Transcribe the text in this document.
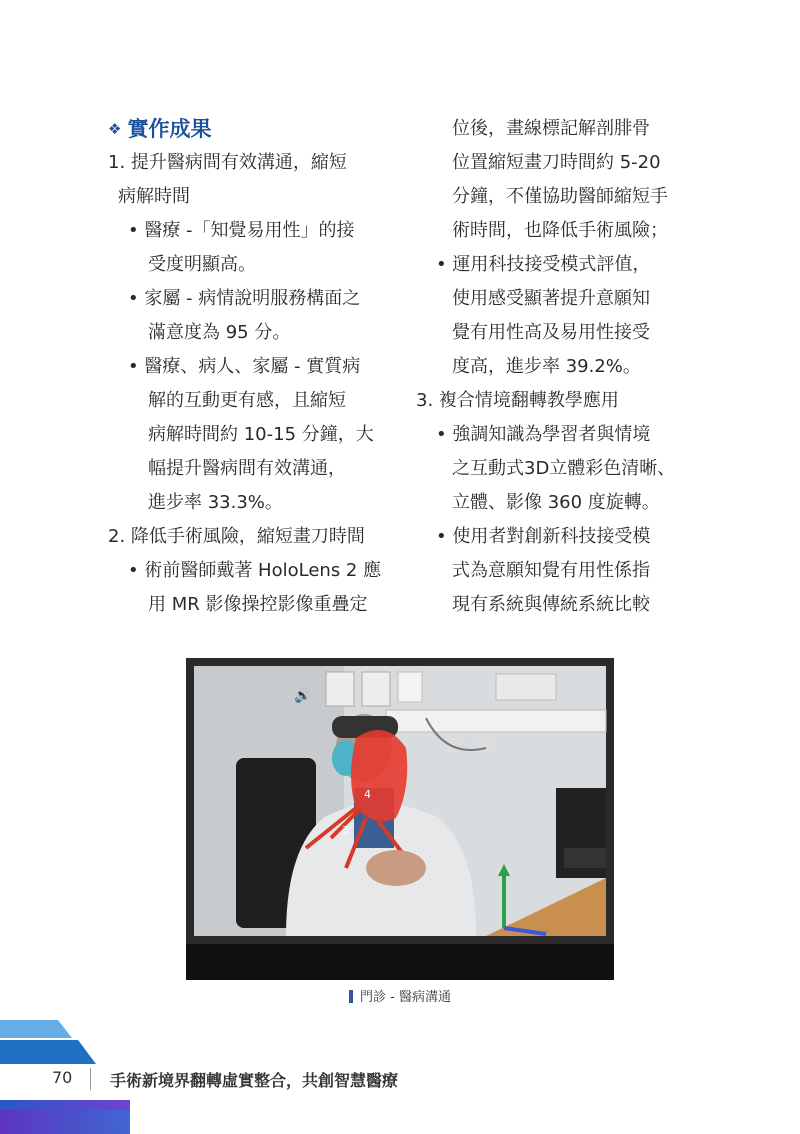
❖ 實作成果
1. 提升醫病間有效溝通，縮短
病解時間
• 醫療 -「知覺易用性」的接
受度明顯高。
• 家屬 - 病情說明服務構面之
滿意度為 95 分。
• 醫療、病人、家屬 - 實質病
解的互動更有感，且縮短
病解時間約 10-15 分鐘，大
幅提升醫病間有效溝通，
進步率 33.3%。
2. 降低手術風險，縮短畫刀時間
• 術前醫師戴著 HoloLens 2 應
用 MR 影像操控影像重疊定
位後，畫線標記解剖腓骨
位置縮短畫刀時間約 5-20
分鐘，不僅協助醫師縮短手
術時間，也降低手術風險；
• 運用科技接受模式評值，
使用感受顯著提升意願知
覺有用性高及易用性接受
度高，進步率 39.2%。
3. 複合情境翻轉教學應用
• 強調知識為學習者與情境
之互動式3D立體彩色清晰、
立體、影像 360 度旋轉。
• 使用者對創新科技接受模
式為意願知覺有用性係指
現有系統與傳統系統比較
🔊
4
3
門診 - 醫病溝通
70 手術新境界翻轉虛實整合，共創智慧醫療
